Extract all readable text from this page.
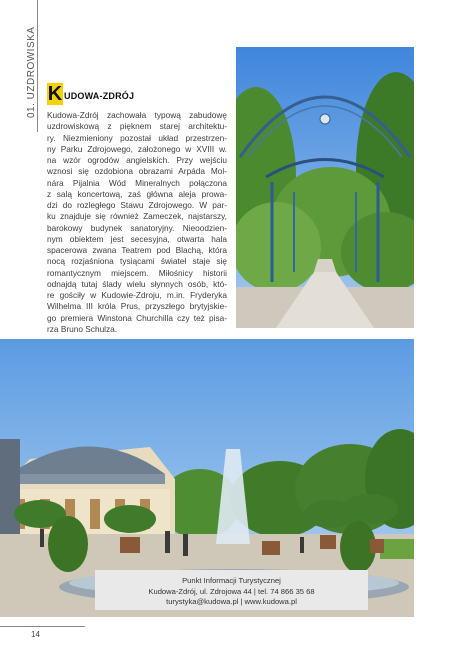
01. UZDROWISKA K UDOWA-ZDRÓJ
Kudowa-Zdrój zachowała typową zabudowę
uzdrowiskową z pięknem starej architektu-
ry. Niezmieniony pozostał układ przestrzen-
ny Parku Zdrojowego, założonego w XVIII w.
na wzór ogrodów angielskich. Przy wejściu
wznosi się ozdobiona obrazami Arpáda Mol-
nára Pijalnia Wód Mineralnych połączona
z salą koncertową, zaś główna aleja prowa-
dzi do rozległego Stawu Zdrojowego. W par-
ku znajduje się również Zameczek, najstarszy,
barokowy budynek sanatoryjny. Nieoodzien-
nym obiektem jest secesyjna, otwarta hala
spacerowa zwana Teatrem pod Blachą, która
nocą rozjaśniona tysiącami świateł staje się
romantycznym miejscem. Miłośnicy historii
odnajdą tutaj ślady wielu słynnych osób, któ-
re gościły w Kudowie-Zdroju, m.in. Fryderyka
Wilhelma III króla Prus, przyszłego brytyjskie-
go premiera Winstona Churchilla czy też pisa-
rza Bruno Schulza.
Punkt Informacji Turystycznej
Kudowa-Zdrój, ul. Zdrojowa 44 | tel. 74 866 35 68
turystyka@kudowa.pl | www.kudowa.pl
14
